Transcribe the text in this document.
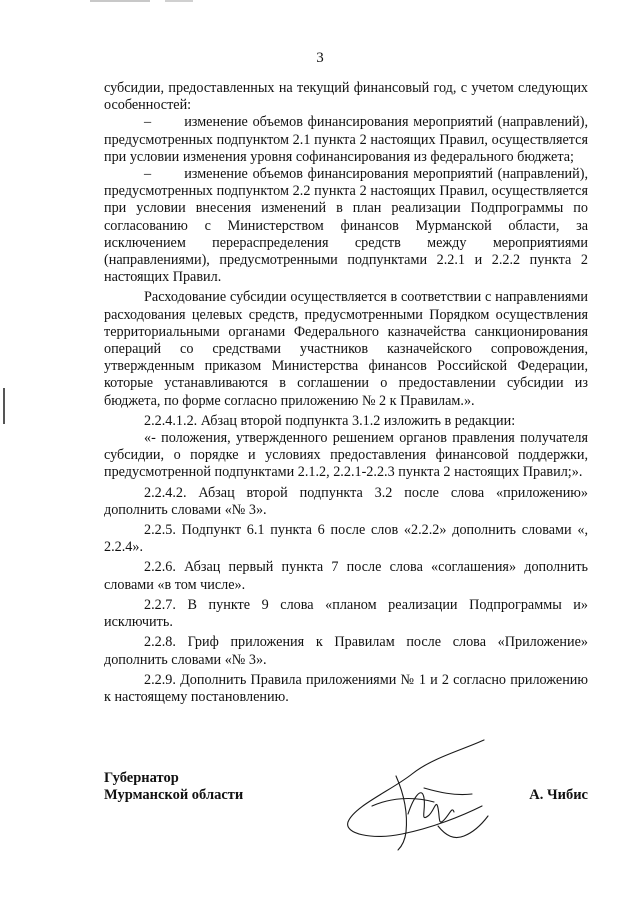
3

субсидии, предоставленных на текущий финансовый год, с учетом следующих особенностей:

–       изменение объемов финансирования мероприятий (направлений), предусмотренных подпунктом 2.1 пункта 2 настоящих Правил, осуществляется при условии изменения уровня софинансирования из федерального бюджета;

–       изменение объемов финансирования мероприятий (направлений), предусмотренных подпунктом 2.2 пункта 2 настоящих Правил, осуществляется при условии внесения изменений в план реализации Подпрограммы по согласованию с Министерством финансов Мурманской области, за исключением перераспределения средств между мероприятиями (направлениями), предусмотренными подпунктами 2.2.1 и 2.2.2 пункта 2 настоящих Правил.

Расходование субсидии осуществляется в соответствии с направлениями расходования целевых средств, предусмотренными Порядком осуществления территориальными органами Федерального казначейства санкционирования операций со средствами участников казначейского сопровождения, утвержденным приказом Министерства финансов Российской Федерации, которые устанавливаются в соглашении о предоставлении субсидии из бюджета, по форме согласно приложению № 2 к Правилам.».

2.2.4.1.2. Абзац второй подпункта 3.1.2 изложить в редакции:

«- положения, утвержденного решением органов правления получателя субсидии, о порядке и условиях предоставления финансовой поддержки, предусмотренной подпунктами 2.1.2, 2.2.1-2.2.3 пункта 2 настоящих Правил;».

2.2.4.2. Абзац второй подпункта 3.2 после слова «приложению» дополнить словами «№ 3».

2.2.5. Подпункт 6.1 пункта 6 после слов «2.2.2» дополнить словами «, 2.2.4».

2.2.6. Абзац первый пункта 7 после слова «соглашения» дополнить словами «в том числе».

2.2.7. В пункте 9 слова «планом реализации Подпрограммы и» исключить.

2.2.8. Гриф приложения к Правилам после слова «Приложение» дополнить словами «№ 3».

2.2.9. Дополнить Правила приложениями № 1 и 2 согласно приложению к настоящему постановлению.

Губернатор
Мурманской области	А. Чибис
